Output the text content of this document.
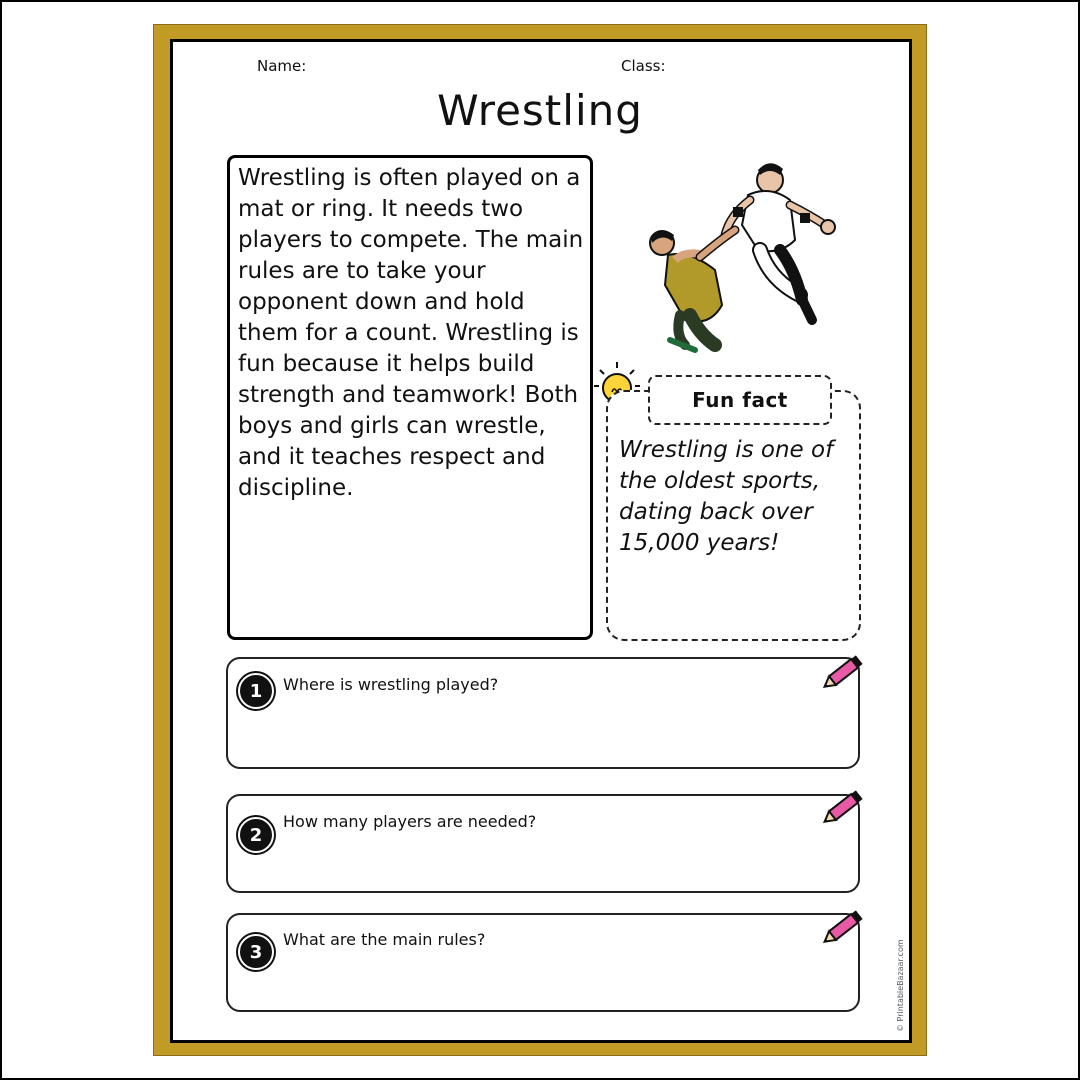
Name:	Class:
Wrestling
Wrestling is often played on a mat or ring. It needs two players to compete. The main rules are to take your opponent down and hold them for a count. Wrestling is fun because it helps build strength and teamwork! Both boys and girls can wrestle, and it teaches respect and discipline.
Fun fact
Wrestling is one of the oldest sports, dating back over 15,000 years!
1	Where is wrestling played?
2
How many players are needed?
3
What are the main rules?	© PrintableBazaar.com
